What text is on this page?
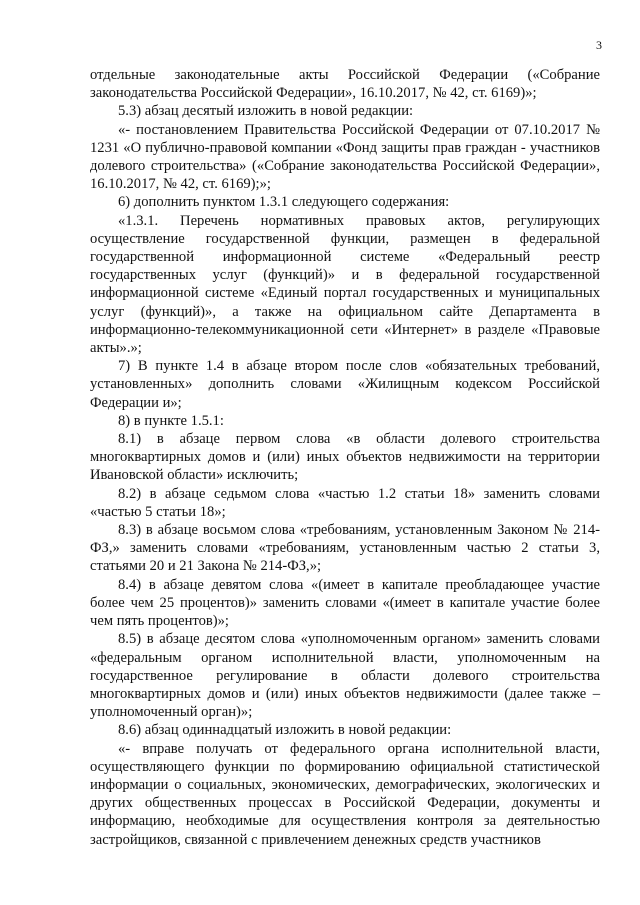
3

отдельные законодательные акты Российской Федерации («Собрание законодательства Российской Федерации», 16.10.2017, № 42, ст. 6169)»;

5.3) абзац десятый изложить в новой редакции:

«- постановлением Правительства Российской Федерации от 07.10.2017 № 1231 «О публично-правовой компании «Фонд защиты прав граждан - участников долевого строительства» («Собрание законодательства Российской Федерации», 16.10.2017, № 42, ст. 6169);»;

6) дополнить пунктом 1.3.1 следующего содержания:

«1.3.1. Перечень нормативных правовых актов, регулирующих осуществление государственной функции, размещен в федеральной государственной информационной системе «Федеральный реестр государственных услуг (функций)» и в федеральной государственной информационной системе «Единый портал государственных и муниципальных услуг (функций)», а также на официальном сайте Департамента в информационно-телекоммуникационной сети «Интернет» в разделе «Правовые акты».»;

7) В пункте 1.4 в абзаце втором после слов «обязательных требований, установленных» дополнить словами «Жилищным кодексом Российской Федерации и»;

8) в пункте 1.5.1:

8.1) в абзаце первом слова «в области долевого строительства многоквартирных домов и (или) иных объектов недвижимости на территории Ивановской области» исключить;

8.2) в абзаце седьмом слова «частью 1.2 статьи 18» заменить словами «частью 5 статьи 18»;

8.3) в абзаце восьмом слова «требованиям, установленным Законом № 214-ФЗ,» заменить словами «требованиям, установленным частью 2 статьи 3, статьями 20 и 21 Закона № 214-ФЗ,»;

8.4) в абзаце девятом слова «(имеет в капитале преобладающее участие более чем 25 процентов)» заменить словами «(имеет в капитале участие более чем пять процентов)»;

8.5) в абзаце десятом слова «уполномоченным органом» заменить словами «федеральным органом исполнительной власти, уполномоченным на государственное регулирование в области долевого строительства многоквартирных домов и (или) иных объектов недвижимости (далее также – уполномоченный орган)»;

8.6) абзац одиннадцатый изложить в новой редакции:

«- вправе получать от федерального органа исполнительной власти, осуществляющего функции по формированию официальной статистической информации о социальных, экономических, демографических, экологических и других общественных процессах в Российской Федерации, документы и информацию, необходимые для осуществления контроля за деятельностью застройщиков, связанной с привлечением денежных средств участников
